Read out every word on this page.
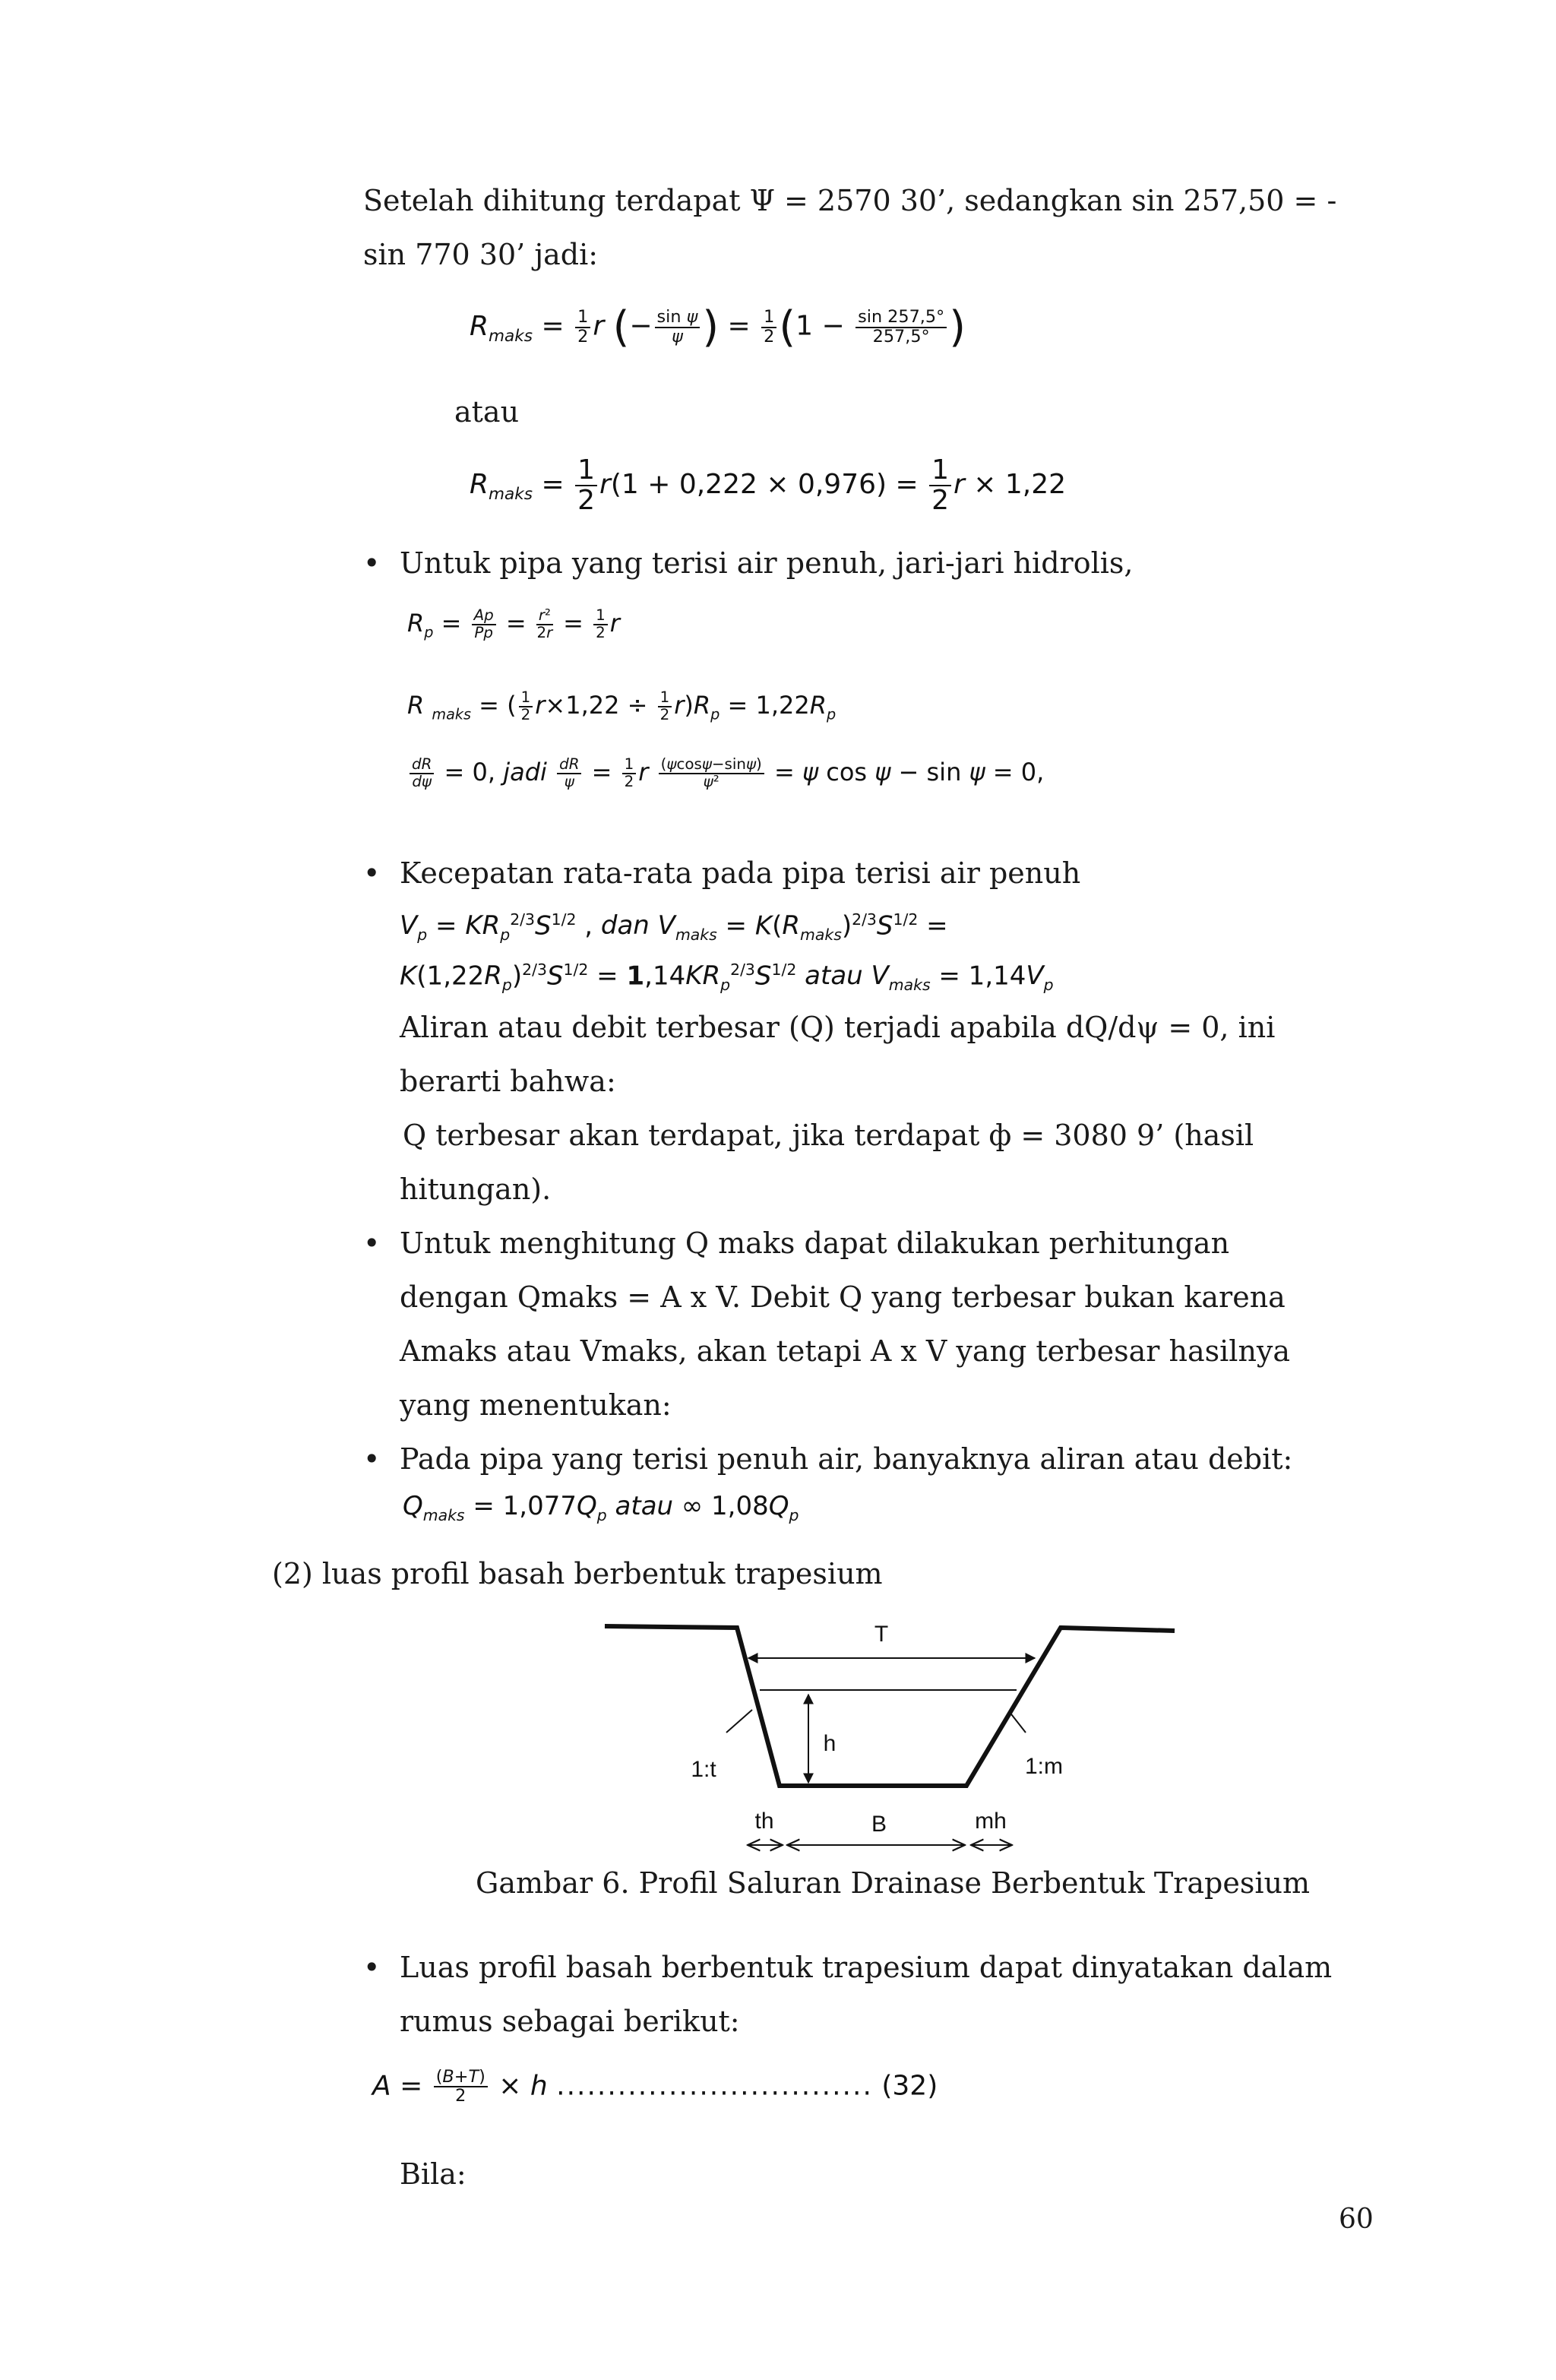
Setelah dihitung terdapat Ψ = 2570 30’, sedangkan sin 257,50 = -

sin 770 30’ jadi:

$R_{maks} = \frac{1}{2}$ r (− $\frac{\text{sin ψ}}{\psi}$ ) = $\frac{1}{2} (1 - \frac{\sin 257,5^\circ}{257,5^\circ}$ )

atau

$R_{maks} = \frac{1}{2} r(1 + 0,222 \times 0,976) = \frac{1}{2}$ r × 1,22
• Untuk pipa yang terisi air penuh, jari-jari hidrolis,

$R_p = \frac{Ap}{Pp} = \frac{\text{r²}}{2r} = \frac{1}{2}$ r
R $_{maks}$ = ( $\frac{1}{2} r\times 1,22 \div \frac{1}{2} r)R_p = 1,22R_p$
$\frac{dR}{d\psi} = 0$, jadi $\frac{dR}{\psi} = \frac{1}{2}$ r $\frac{(\psi\cos\psi-\sin\psi)}{\text{ψ²}} = \psi$ cos ψ − sin ψ = 0,
• Kecepatan rata-rata pada pipa terisi air penuh

$V_p = KR_p^{2/3}S^{1/2}$ , dan $V_{maks} = K(R_{maks})^{2/3}S^{1/2}$ =
$K(1,22R_p)^{2/3}S^{1/2} = 1,14KR_p^{2/3}S^{1/2}$ atau $V_{maks} = 1,14V_p$

Aliran atau debit terbesar (Q) terjadi apabila dQ/dψ = 0, ini

berarti bahwa:

Q terbesar akan terdapat, jika terdapat ф = 3080 9’ (hasil

hitungan).

• Untuk menghitung Q maks dapat dilakukan perhitungan

dengan Qmaks = A x V. Debit Q yang terbesar bukan karena

Amaks atau Vmaks, akan tetapi A x V yang terbesar hasilnya

yang menentukan:

• Pada pipa yang terisi penuh air, banyaknya aliran atau debit:

$Q_{maks} = 1,077Q_p$ atau ∞ $1,08Q_p$

(2) luas profil basah berbentuk trapesium

T
h
1:t	1:m
th	B	mh

Gambar 6. Profil Saluran Drainase Berbentuk Trapesium

• Luas profil basah berbentuk trapesium dapat dinyatakan dalam

rumus sebagai berikut:

$A = \frac{(B+T)}{2} \times h$ ............................... (32)

Bila:

60
